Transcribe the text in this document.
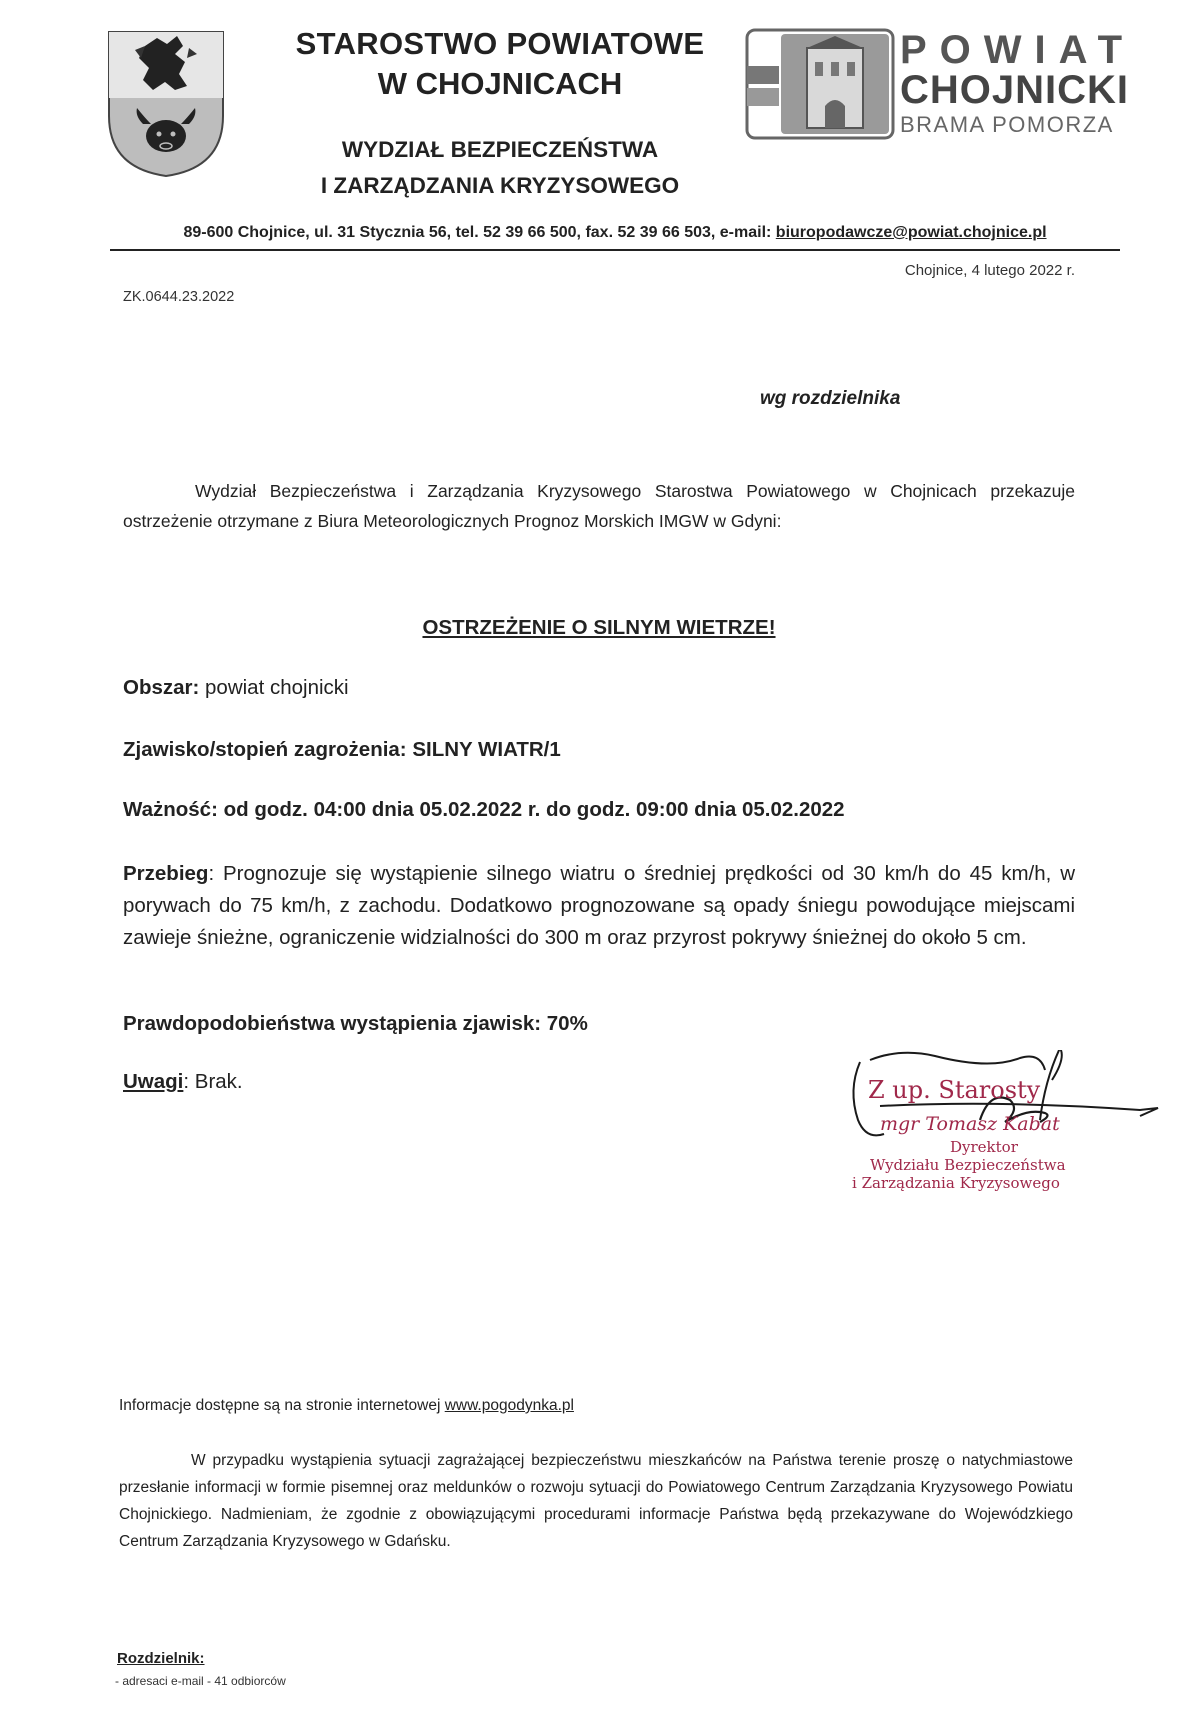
STAROSTWO POWIATOWE
W CHOJNICACH
WYDZIAŁ BEZPIECZEŃSTWA
I ZARZĄDZANIA KRYZYSOWEGO
POWIAT
CHOJNICKI
BRAMA POMORZA
89-600 Chojnice, ul. 31 Stycznia 56, tel. 52 39 66 500, fax. 52 39 66 503, e-mail: biuropodawcze@powiat.chojnice.pl
Chojnice, 4 lutego 2022 r.
ZK.0644.23.2022
wg rozdzielnika
Wydział Bezpieczeństwa i Zarządzania Kryzysowego Starostwa Powiatowego w Chojnicach przekazuje ostrzeżenie otrzymane z Biura Meteorologicznych Prognoz Morskich IMGW w Gdyni:
OSTRZEŻENIE O SILNYM WIETRZE!
Obszar: powiat chojnicki
Zjawisko/stopień zagrożenia: SILNY WIATR/1
Ważność: od godz. 04:00 dnia 05.02.2022 r. do godz. 09:00 dnia 05.02.2022
Przebieg: Prognozuje się wystąpienie silnego wiatru o średniej prędkości od 30 km/h do 45 km/h, w porywach do 75 km/h, z zachodu. Dodatkowo prognozowane są opady śniegu powodujące miejscami zawieje śnieżne, ograniczenie widzialności do 300 m oraz przyrost pokrywy śnieżnej do około 5 cm.
Prawdopodobieństwa wystąpienia zjawisk: 70%
Uwagi: Brak.	Z up. Starosty
mgr Tomasz Kabat
Dyrektor
Wydziału Bezpieczeństwa
i Zarządzania Kryzysowego
Informacje dostępne są na stronie internetowej www.pogodynka.pl
W przypadku wystąpienia sytuacji zagrażającej bezpieczeństwu mieszkańców na Państwa terenie proszę o natychmiastowe przesłanie informacji w formie pisemnej oraz meldunków o rozwoju sytuacji do Powiatowego Centrum Zarządzania Kryzysowego Powiatu Chojnickiego. Nadmieniam, że zgodnie z obowiązującymi procedurami informacje Państwa będą przekazywane do Wojewódzkiego Centrum Zarządzania Kryzysowego w Gdańsku.
Rozdzielnik:
- adresaci e-mail - 41 odbiorców
